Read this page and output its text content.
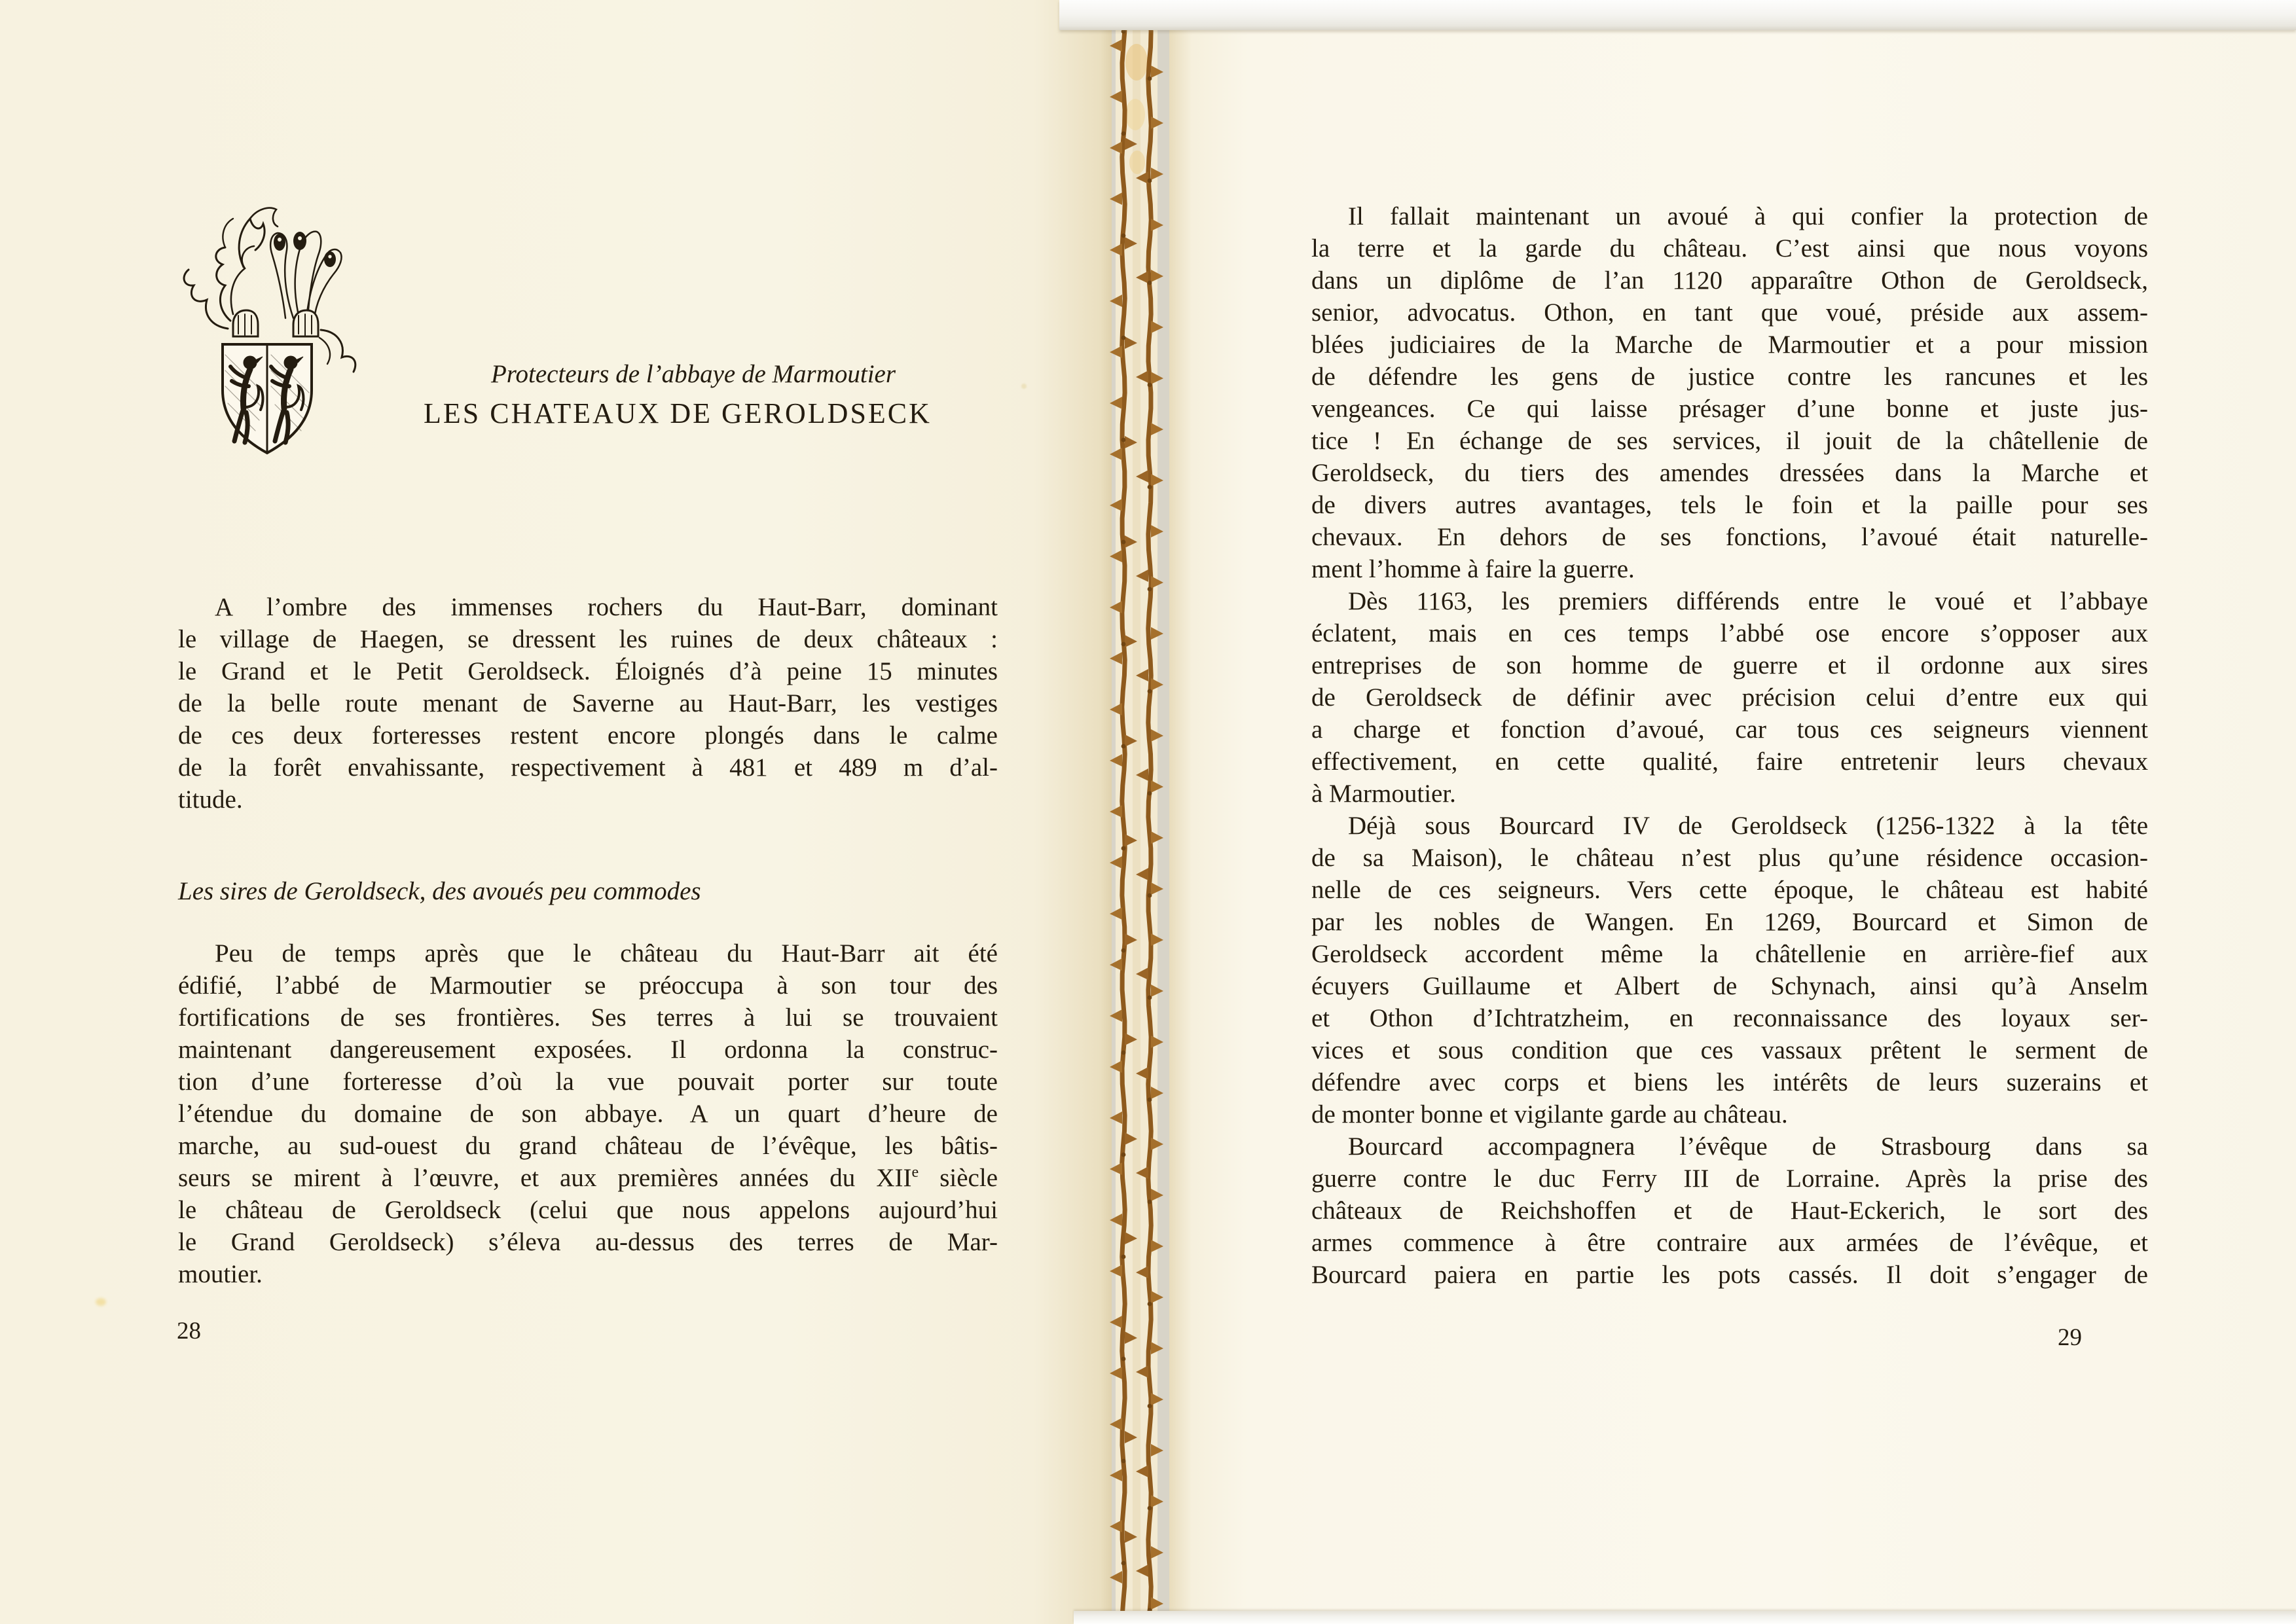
Protecteurs de l’abbaye de Marmoutier
LES CHATEAUX DE GEROLDSECK
A l’ombre des immenses rochers du Haut-Barr, dominant
le village de Haegen, se dressent les ruines de deux châteaux :
le Grand et le Petit Geroldseck. Éloignés d’à peine 15 minutes
de la belle route menant de Saverne au Haut-Barr, les vestiges
de ces deux forteresses restent encore plongés dans le calme
de la forêt envahissante, respectivement à 481 et 489 m d’al-
titude.
Les sires de Geroldseck, des avoués peu commodes
Peu de temps après que le château du Haut-Barr ait été
édifié, l’abbé de Marmoutier se préoccupa à son tour des
fortifications de ses frontières. Ses terres à lui se trouvaient
maintenant dangereusement exposées. Il ordonna la construc-
tion d’une forteresse d’où la vue pouvait porter sur toute
l’étendue du domaine de son abbaye. A un quart d’heure de
marche, au sud-ouest du grand château de l’évêque, les bâtis-
seurs se mirent à l’œuvre, et aux premières années du XIIe siècle
le château de Geroldseck (celui que nous appelons aujourd’hui
le Grand Geroldseck) s’éleva au-dessus des terres de Mar-
moutier.
28
Il fallait maintenant un avoué à qui confier la protection de
la terre et la garde du château. C’est ainsi que nous voyons
dans un diplôme de l’an 1120 apparaître Othon de Geroldseck,
senior, advocatus. Othon, en tant que voué, préside aux assem-
blées judiciaires de la Marche de Marmoutier et a pour mission
de défendre les gens de justice contre les rancunes et les
vengeances. Ce qui laisse présager d’une bonne et juste jus-
tice ! En échange de ses services, il jouit de la châtellenie de
Geroldseck, du tiers des amendes dressées dans la Marche et
de divers autres avantages, tels le foin et la paille pour ses
chevaux. En dehors de ses fonctions, l’avoué était naturelle-
ment l’homme à faire la guerre.
Dès 1163, les premiers différends entre le voué et l’abbaye
éclatent, mais en ces temps l’abbé ose encore s’opposer aux
entreprises de son homme de guerre et il ordonne aux sires
de Geroldseck de définir avec précision celui d’entre eux qui
a charge et fonction d’avoué, car tous ces seigneurs viennent
effectivement, en cette qualité, faire entretenir leurs chevaux
à Marmoutier.
Déjà sous Bourcard IV de Geroldseck (1256-1322 à la tête
de sa Maison), le château n’est plus qu’une résidence occasion-
nelle de ces seigneurs. Vers cette époque, le château est habité
par les nobles de Wangen. En 1269, Bourcard et Simon de
Geroldseck accordent même la châtellenie en arrière-fief aux
écuyers Guillaume et Albert de Schynach, ainsi qu’à Anselm
et Othon d’Ichtratzheim, en reconnaissance des loyaux ser-
vices et sous condition que ces vassaux prêtent le serment de
défendre avec corps et biens les intérêts de leurs suzerains et
de monter bonne et vigilante garde au château.
Bourcard accompagnera l’évêque de Strasbourg dans sa
guerre contre le duc Ferry III de Lorraine. Après la prise des
châteaux de Reichshoffen et de Haut-Eckerich, le sort des
armes commence à être contraire aux armées de l’évêque, et
Bourcard paiera en partie les pots cassés. Il doit s’engager de
29
